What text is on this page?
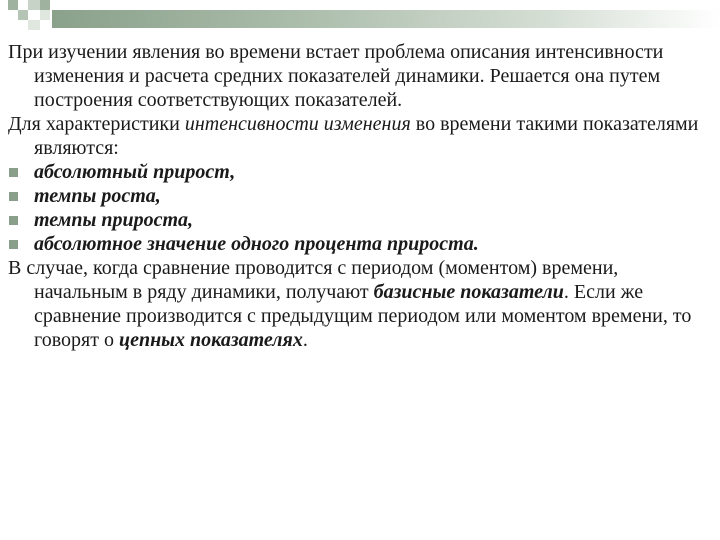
При изучении явления во времени встает проблема описания интенсивности изменения и расчета средних показателей динамики. Решается она путем построения соответствующих показателей.

Для характеристики интенсивности изменения во времени такими показателями являются:

абсолютный прирост,
темпы роста,
темпы прироста,
абсолютное значение одного процента прироста.

В случае, когда сравнение проводится с периодом (моментом) времени, начальным в ряду динамики, получают базисные показатели. Если же сравнение производится с предыдущим периодом или моментом времени, то говорят о цепных показателях.
